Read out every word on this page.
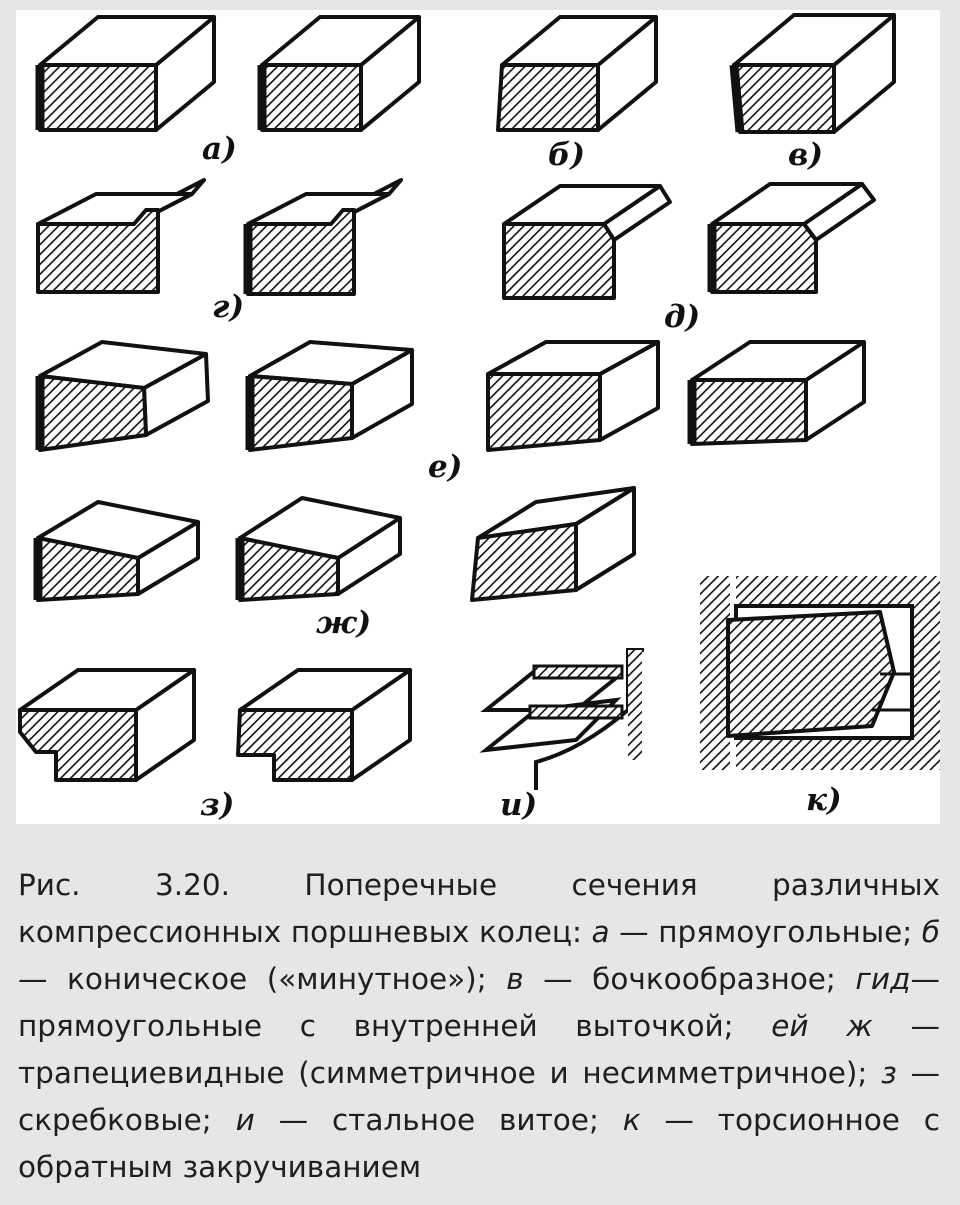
а)	б)	в)
г)	д)
е)
ж)
з)	и)	к)
Рис. 3.20. Поперечные сечения различных компрессионных поршневых колец: а — прямоугольные; б — коническое («минутное»); в — бочкообразное; гид— прямоугольные с внутренней выточкой; ей ж — трапециевидные (симметричное и несимметричное); з — скребковые; и — стальное витое; к — торсионное с обратным закручиванием
